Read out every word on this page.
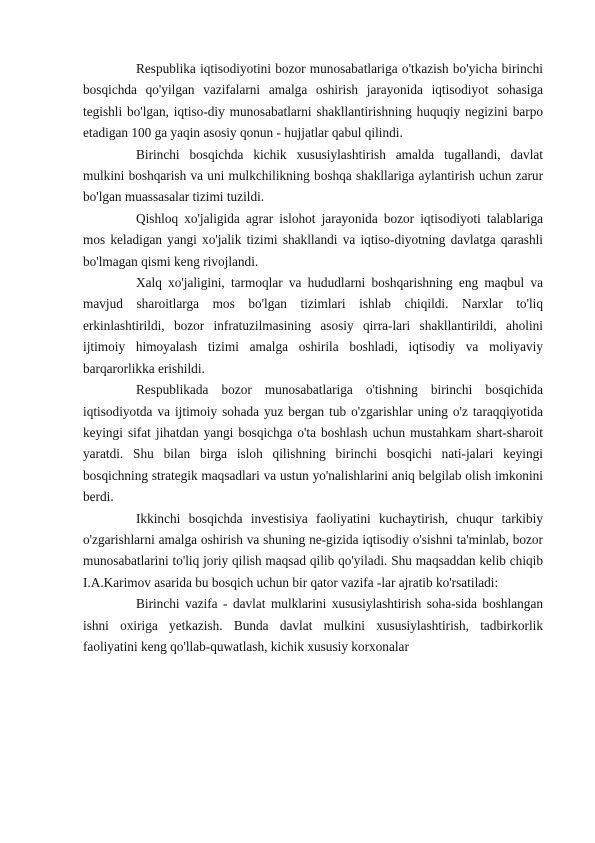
Respublika iqtisodiyotini bozor munosabatlariga o'tkazish bo'yicha birinchi bosqichda qo'yilgan vazifalarni amalga oshirish jarayonida iqtisodiyot sohasiga tegishli bo'lgan, iqtiso-diy munosabatlarni shakllantirishning huquqiy negizini barpo etadigan 100 ga yaqin asosiy qonun - hujjatlar qabul qilindi.

Birinchi bosqichda kichik xususiylashtirish amalda tugallandi, davlat mulkini boshqarish va uni mulkchilikning boshqa shakllariga aylantirish uchun zarur bo'lgan muassasalar tizimi tuzildi.

Qishloq xo'jaligida agrar islohot jarayonida bozor iqtisodiyoti talablariga mos keladigan yangi xo'jalik tizimi shakllandi va iqtiso-diyotning davlatga qarashli bo'lmagan qismi keng rivojlandi.

Xalq xo'jaligini, tarmoqlar va hududlarni boshqarishning eng maqbul va mavjud sharoitlarga mos bo'lgan tizimlari ishlab chiqildi. Narxlar to'liq erkinlashtirildi, bozor infratuzilmasining asosiy qirra-lari shakllantirildi, aholini ijtimoiy himoyalash tizimi amalga oshirila boshladi, iqtisodiy va moliyaviy barqarorlikka erishildi.

Respublikada bozor munosabatlariga o'tishning birinchi bosqichida iqtisodiyotda va ijtimoiy sohada yuz bergan tub o'zgarishlar uning o'z taraqqiyotida keyingi sifat jihatdan yangi bosqichga o'ta boshlash uchun mustahkam shart-sharoit yaratdi. Shu bilan birga isloh qilishning birinchi bosqichi nati-jalari keyingi bosqichning strategik maqsadlari va ustun yo'nalishlarini aniq belgilab olish imkonini berdi.

Ikkinchi bosqichda investisiya faoliyatini kuchaytirish, chuqur tarkibiy o'zgarishlarni amalga oshirish va shuning ne-gizida iqtisodiy o'sishni ta'minlab, bozor munosabatlarini to'liq joriy qilish maqsad qilib qo'yiladi. Shu maqsaddan kelib chiqib I.A.Karimov asarida bu bosqich uchun bir qator vazifa -lar ajratib ko'rsatiladi:

Birinchi vazifa - davlat mulklarini xususiylashtirish soha-sida boshlangan ishni oxiriga yetkazish. Bunda davlat mulkini xususiylashtirish, tadbirkorlik faoliyatini keng qo'llab-quwatlash, kichik xususiy korxonalar
